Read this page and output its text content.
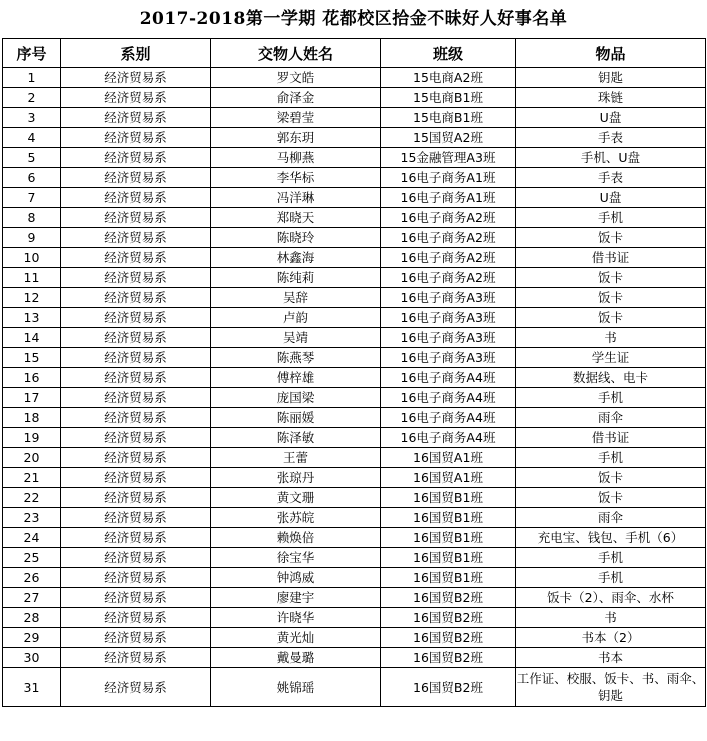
2017-2018第一学期 花都校区拾金不昧好人好事名单
序号	系别	交物人姓名	班级	物品
1	经济贸易系	罗文皓	15电商A2班	钥匙
2	经济贸易系	俞泽金	15电商B1班	珠链
3	经济贸易系	梁碧莹	15电商B1班	U盘
4	经济贸易系	郭东玥	15国贸A2班	手表
5	经济贸易系	马柳燕	15金融管理A3班	手机、U盘
6	经济贸易系	李华标	16电子商务A1班	手表
7	经济贸易系	冯洋琳	16电子商务A1班	U盘
8	经济贸易系	郑晓天	16电子商务A2班	手机
9	经济贸易系	陈晓玲	16电子商务A2班	饭卡
10	经济贸易系	林鑫海	16电子商务A2班	借书证
11	经济贸易系	陈纯莉	16电子商务A2班	饭卡
12	经济贸易系	吴辞	16电子商务A3班	饭卡
13	经济贸易系	卢韵	16电子商务A3班	饭卡
14	经济贸易系	吴靖	16电子商务A3班	书
15	经济贸易系	陈燕琴	16电子商务A3班	学生证
16	经济贸易系	傅梓雄	16电子商务A4班	数据线、电卡
17	经济贸易系	庞国梁	16电子商务A4班	手机
18	经济贸易系	陈丽媛	16电子商务A4班	雨伞
19	经济贸易系	陈泽敏	16电子商务A4班	借书证
20	经济贸易系	王蕾	16国贸A1班	手机
21	经济贸易系	张琼丹	16国贸A1班	饭卡
22	经济贸易系	黄文珊	16国贸B1班	饭卡
23	经济贸易系	张苏皖	16国贸B1班	雨伞
24	经济贸易系	赖焕倍	16国贸B1班	充电宝、钱包、手机（6）
25	经济贸易系	徐宝华	16国贸B1班	手机
26	经济贸易系	钟鸿威	16国贸B1班	手机
27	经济贸易系	廖建宇	16国贸B2班	饭卡（2）、雨伞、水杯
28	经济贸易系	许晓华	16国贸B2班	书
29	经济贸易系	黄光灿	16国贸B2班	书本（2）
30	经济贸易系	戴曼璐	16国贸B2班	书本
31	经济贸易系	姚锦瑶	16国贸B2班	工作证、校服、饭卡、书、雨伞、钥匙
